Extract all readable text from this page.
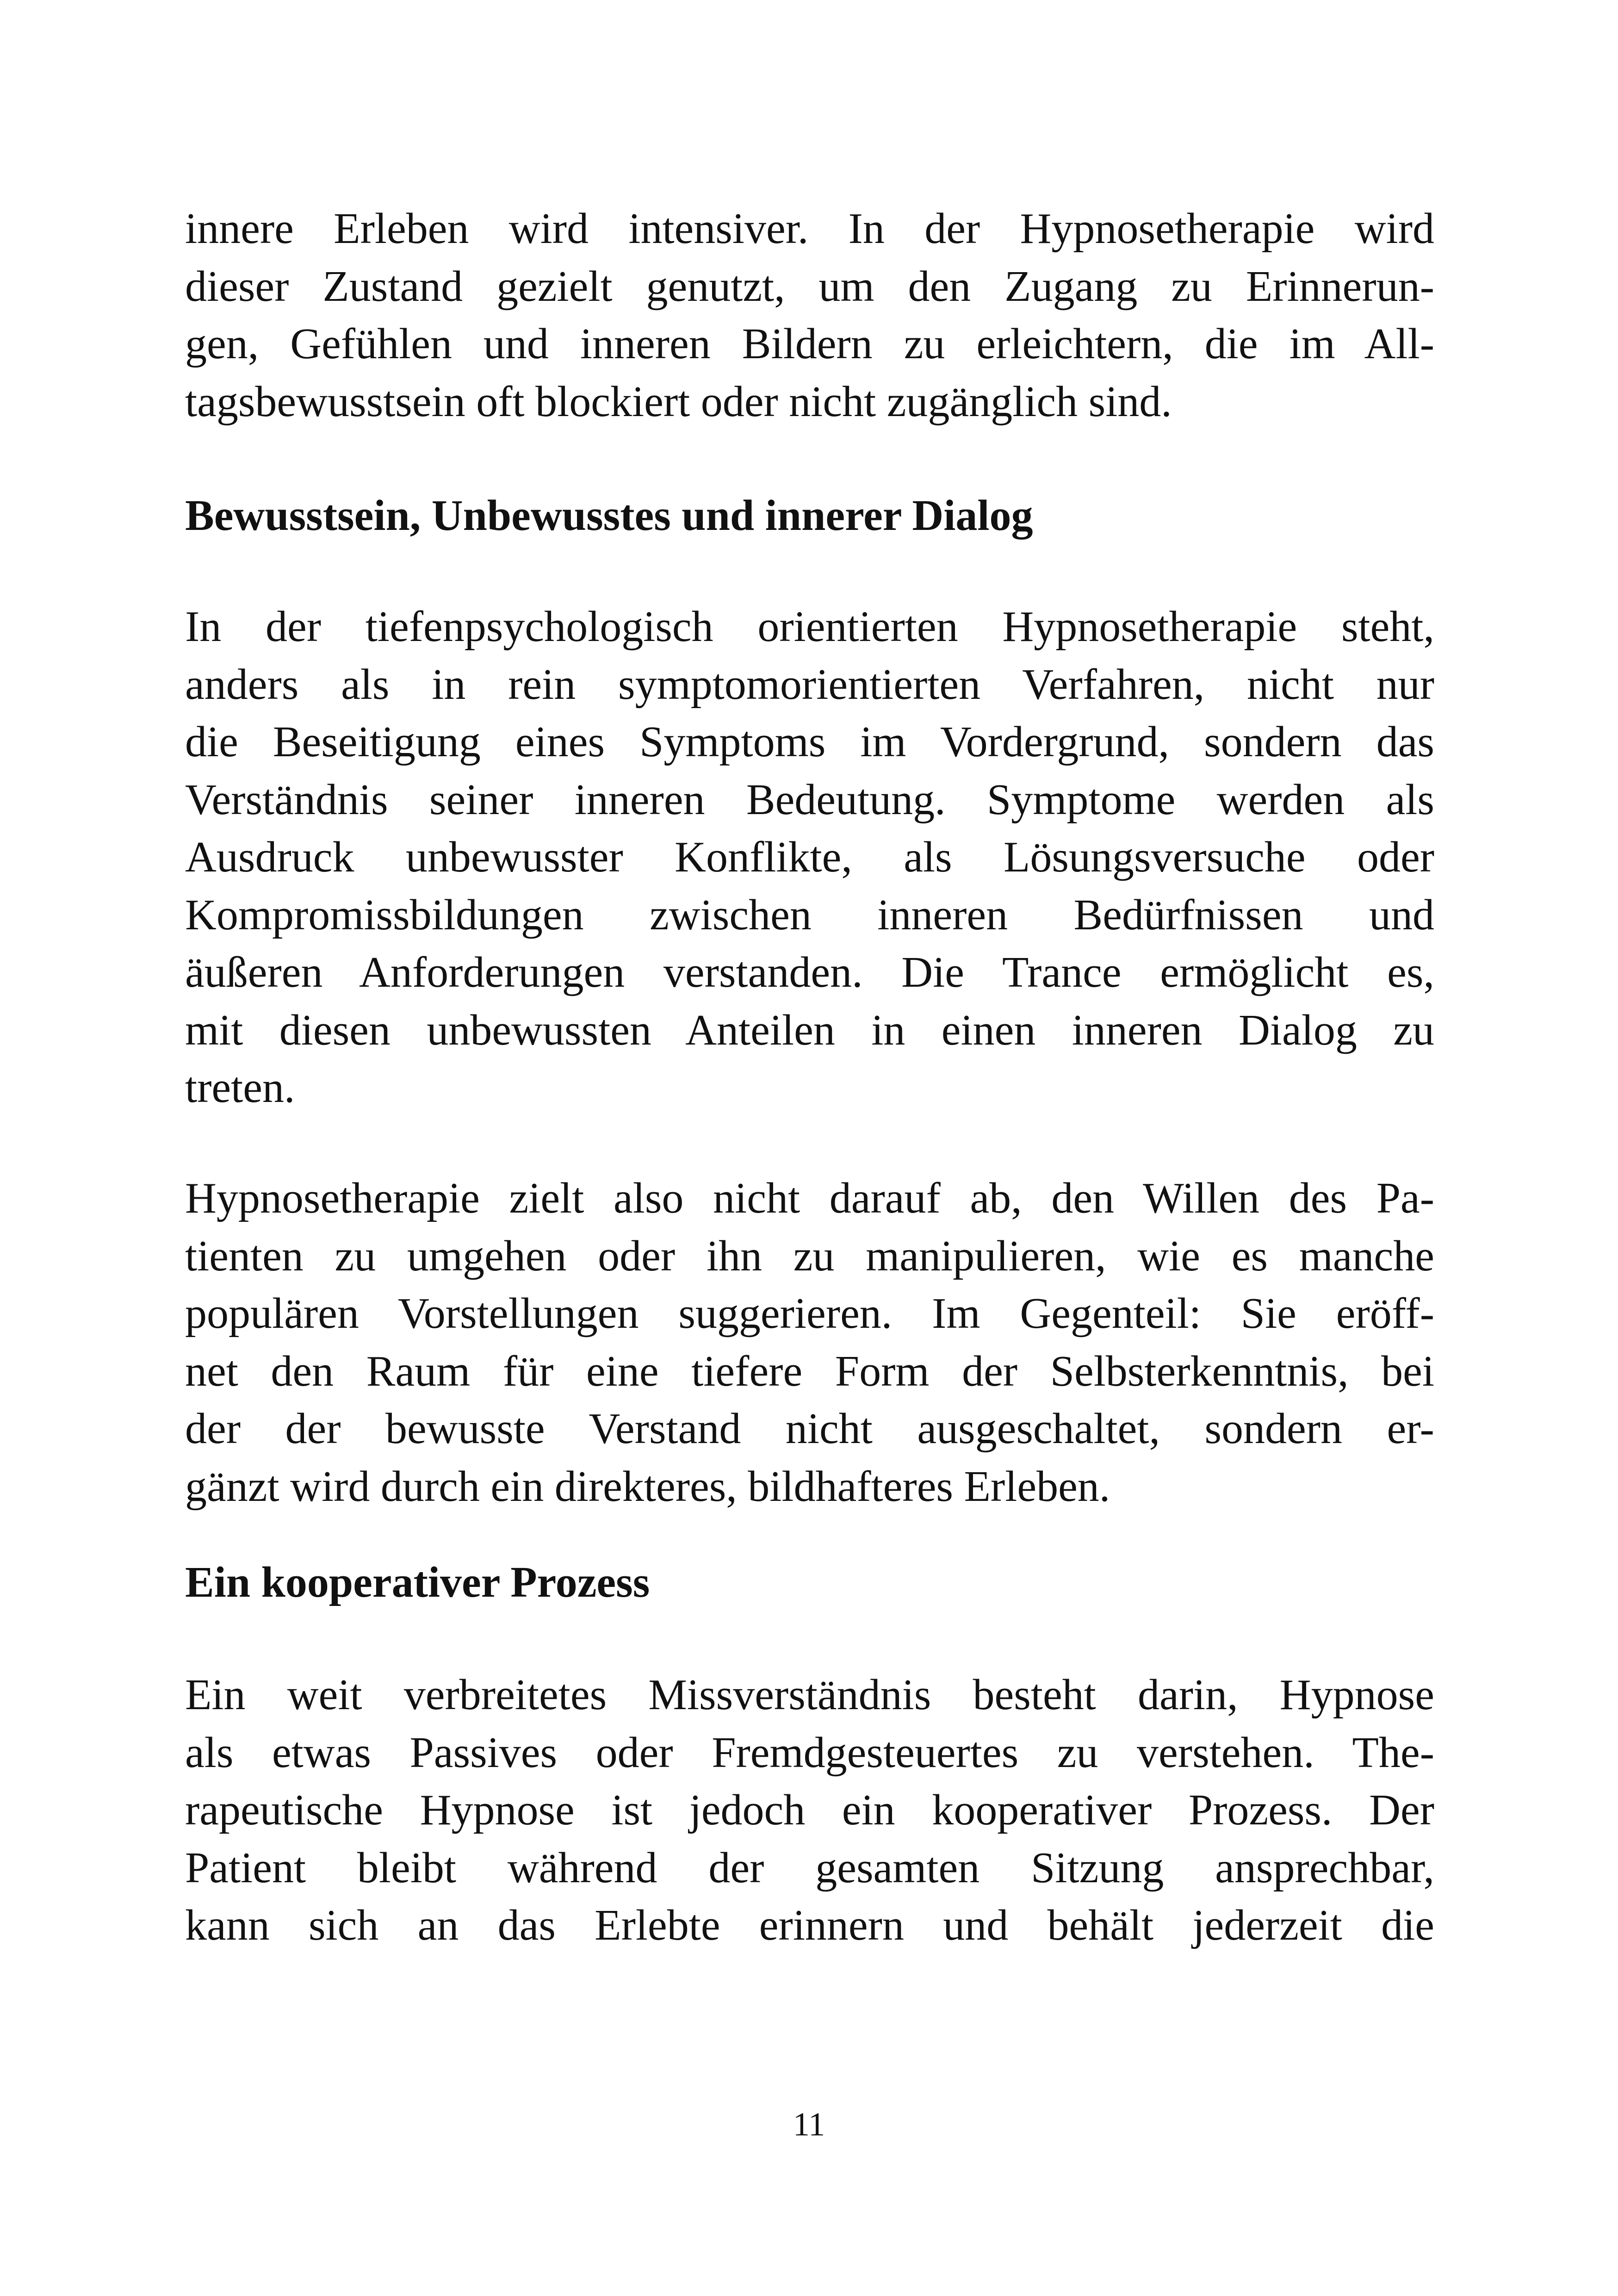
innere Erleben wird intensiver. In der Hypnosetherapie wird
dieser Zustand gezielt genutzt, um den Zugang zu Erinnerun-
gen, Gefühlen und inneren Bildern zu erleichtern, die im All-
tagsbewusstsein oft blockiert oder nicht zugänglich sind.

Bewusstsein, Unbewusstes und innerer Dialog

In der tiefenpsychologisch orientierten Hypnosetherapie steht,
anders als in rein symptomorientierten Verfahren, nicht nur
die Beseitigung eines Symptoms im Vordergrund, sondern das
Verständnis seiner inneren Bedeutung. Symptome werden als
Ausdruck unbewusster Konflikte, als Lösungsversuche oder
Kompromissbildungen zwischen inneren Bedürfnissen und
äußeren Anforderungen verstanden. Die Trance ermöglicht es,
mit diesen unbewussten Anteilen in einen inneren Dialog zu
treten.

Hypnosetherapie zielt also nicht darauf ab, den Willen des Pa-
tienten zu umgehen oder ihn zu manipulieren, wie es manche
populären Vorstellungen suggerieren. Im Gegenteil: Sie eröff-
net den Raum für eine tiefere Form der Selbsterkenntnis, bei
der der bewusste Verstand nicht ausgeschaltet, sondern er-
gänzt wird durch ein direkteres, bildhafteres Erleben.

Ein kooperativer Prozess

Ein weit verbreitetes Missverständnis besteht darin, Hypnose
als etwas Passives oder Fremdgesteuertes zu verstehen. The-
rapeutische Hypnose ist jedoch ein kooperativer Prozess. Der
Patient bleibt während der gesamten Sitzung ansprechbar,
kann sich an das Erlebte erinnern und behält jederzeit die

11
